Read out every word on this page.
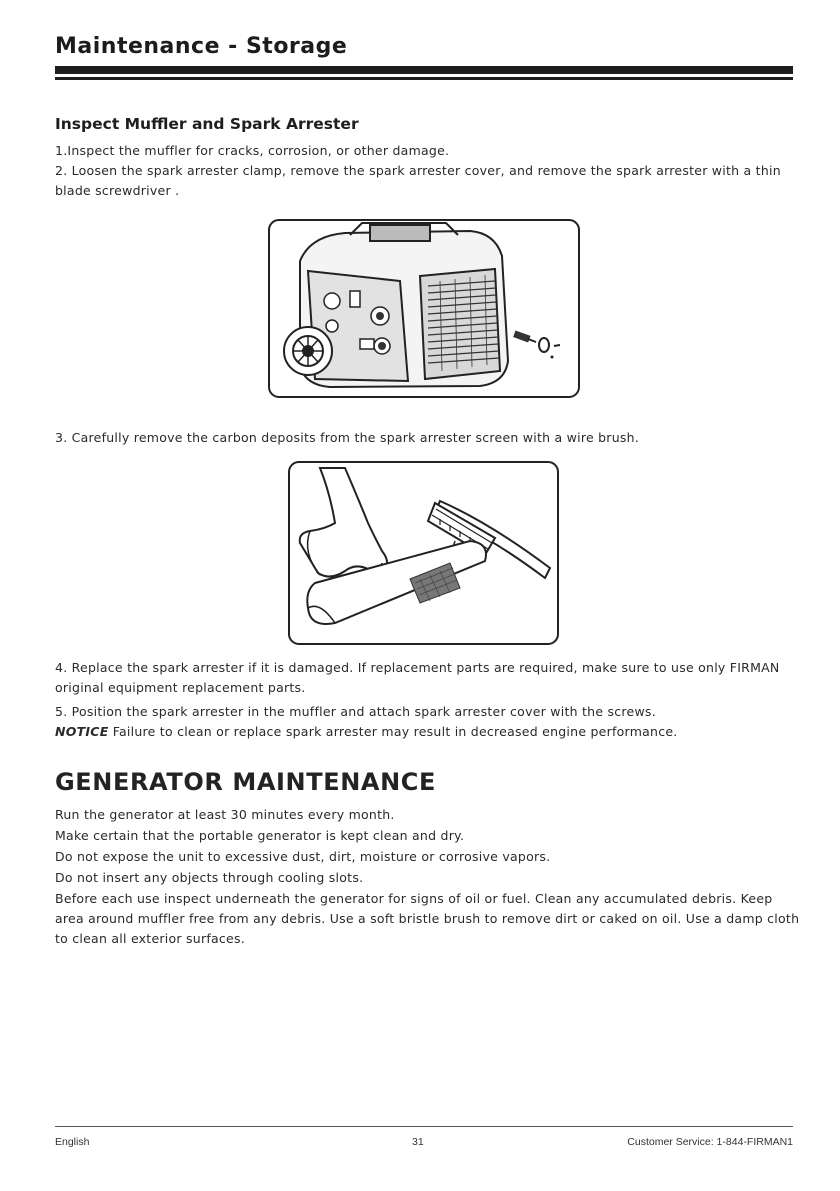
Maintenance - Storage
Inspect Muffler and Spark Arrester

1.Inspect the muffler for cracks, corrosion, or other damage.

2. Loosen the spark arrester clamp, remove the spark arrester cover, and remove the spark arrester with a thin blade screwdriver .

3. Carefully remove the carbon deposits from the spark arrester screen with a wire brush.

4. Replace the spark arrester if it is damaged. If replacement parts are required, make sure to use only FIRMAN original equipment replacement parts.

5. Position the spark arrester in the muffler and attach spark arrester cover with the screws.

NOTICE Failure to clean or replace spark arrester may result in decreased engine performance.

GENERATOR MAINTENANCE

Run the generator at least 30 minutes every month.

Make certain that the portable generator is kept clean and dry.

Do not expose the unit to excessive dust, dirt, moisture or corrosive vapors.

Do not insert any objects through cooling slots.

Before each use inspect underneath the generator for signs of oil or fuel. Clean any accumulated debris. Keep area around muffler free from any debris. Use a soft bristle brush to remove dirt or caked on oil. Use a damp cloth to clean all exterior surfaces.

English	31	Customer Service: 1-844-FIRMAN1
